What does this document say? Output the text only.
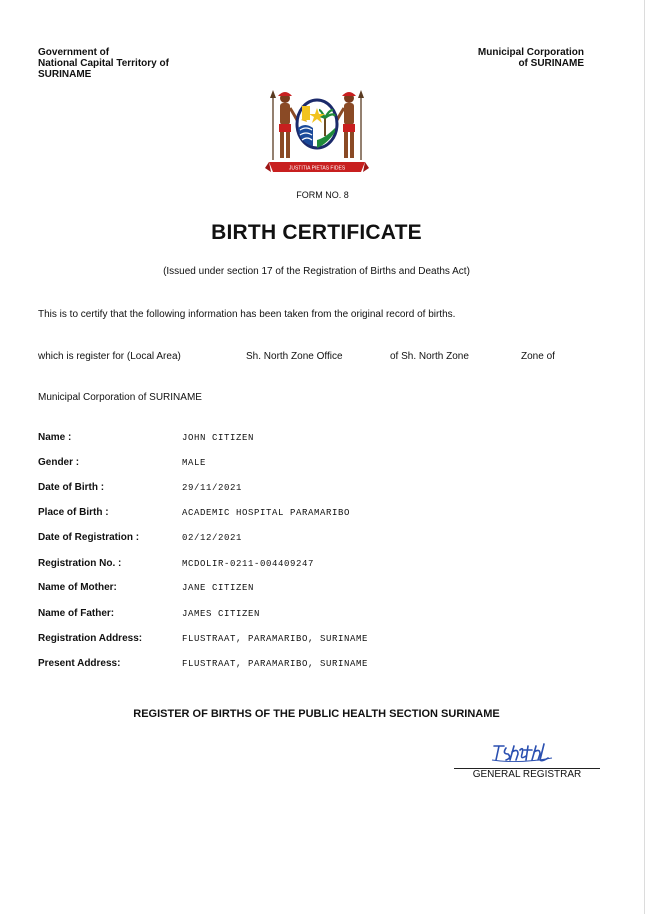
Government of
National Capital Territory of
SURINAME
Municipal Corporation
of SURINAME
JUSTITIA PIETAS FIDES
FORM NO. 8
BIRTH CERTIFICATE
(Issued under section 17 of the Registration of Births and Deaths Act)
This is to certify that the following information has been taken from the original record of births.
which is register for (Local Area)	Sh. North Zone Office	of Sh. North Zone	Zone of
Municipal Corporation of SURINAME
Name :	JOHN CITIZEN
Gender :	MALE
Date of Birth :	29/11/2021
Place of Birth :	ACADEMIC HOSPITAL PARAMARIBO
Date of Registration :	02/12/2021
Registration No. :	MCDOLIR-0211-004409247
Name of Mother:	JANE CITIZEN
Name of Father:	JAMES CITIZEN
Registration Address:	FLUSTRAAT, PARAMARIBO, SURINAME
Present Address:	FLUSTRAAT, PARAMARIBO, SURINAME
REGISTER OF BIRTHS OF THE PUBLIC HEALTH SECTION SURINAME
GENERAL REGISTRAR
